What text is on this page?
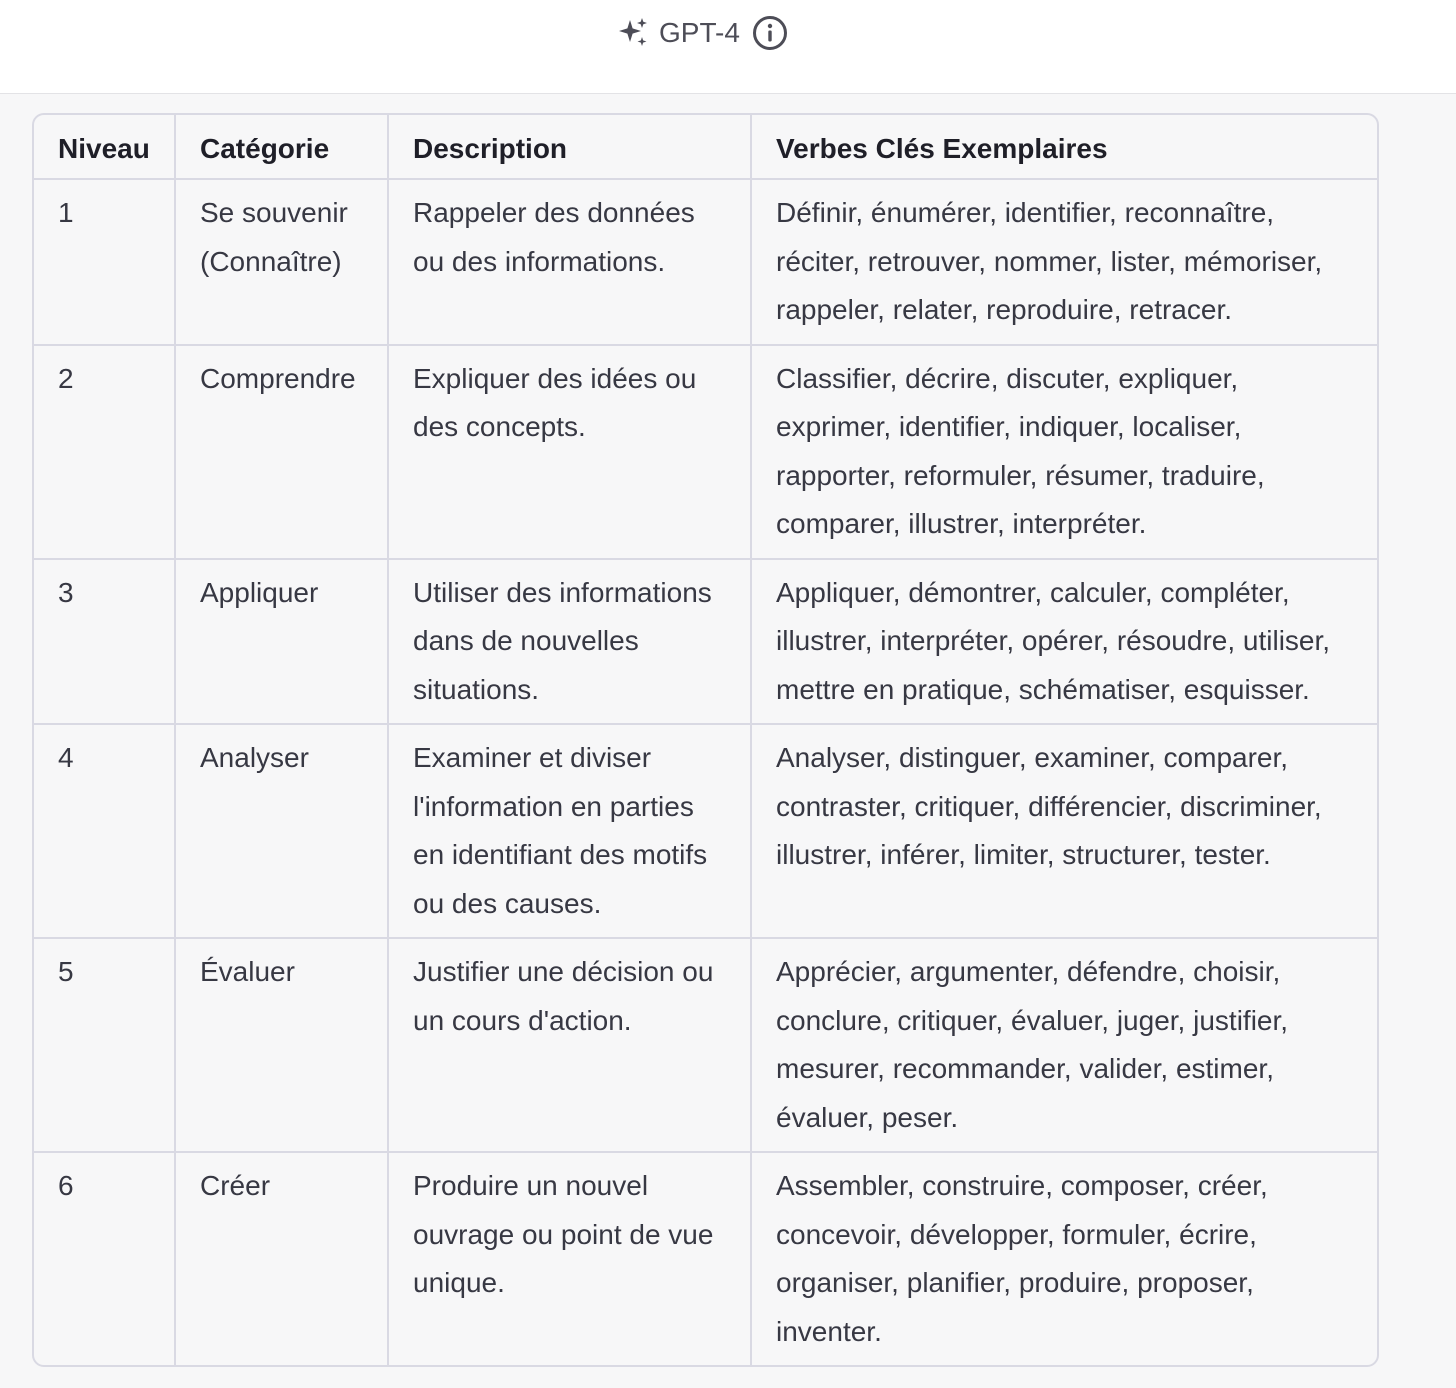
GPT-4
Niveau	Catégorie	Description	Verbes Clés Exemplaires
1	Se souvenir (Connaître)	Rappeler des données ou des informations.	Définir, énumérer, identifier, reconnaître, réciter, retrouver, nommer, lister, mémoriser, rappeler, relater, reproduire, retracer.
2	Comprendre	Expliquer des idées ou des concepts.	Classifier, décrire, discuter, expliquer, exprimer, identifier, indiquer, localiser, rapporter, reformuler, résumer, traduire, comparer, illustrer, interpréter.
3	Appliquer	Utiliser des informations dans de nouvelles situations.	Appliquer, démontrer, calculer, compléter, illustrer, interpréter, opérer, résoudre, utiliser, mettre en pratique, schématiser, esquisser.
4	Analyser	Examiner et diviser l'information en parties en identifiant des motifs ou des causes.	Analyser, distinguer, examiner, comparer, contraster, critiquer, différencier, discriminer, illustrer, inférer, limiter, structurer, tester.
5	Évaluer	Justifier une décision ou un cours d'action.	Apprécier, argumenter, défendre, choisir, conclure, critiquer, évaluer, juger, justifier, mesurer, recommander, valider, estimer, évaluer, peser.
6	Créer	Produire un nouvel ouvrage ou point de vue unique.	Assembler, construire, composer, créer, concevoir, développer, formuler, écrire, organiser, planifier, produire, proposer, inventer.
